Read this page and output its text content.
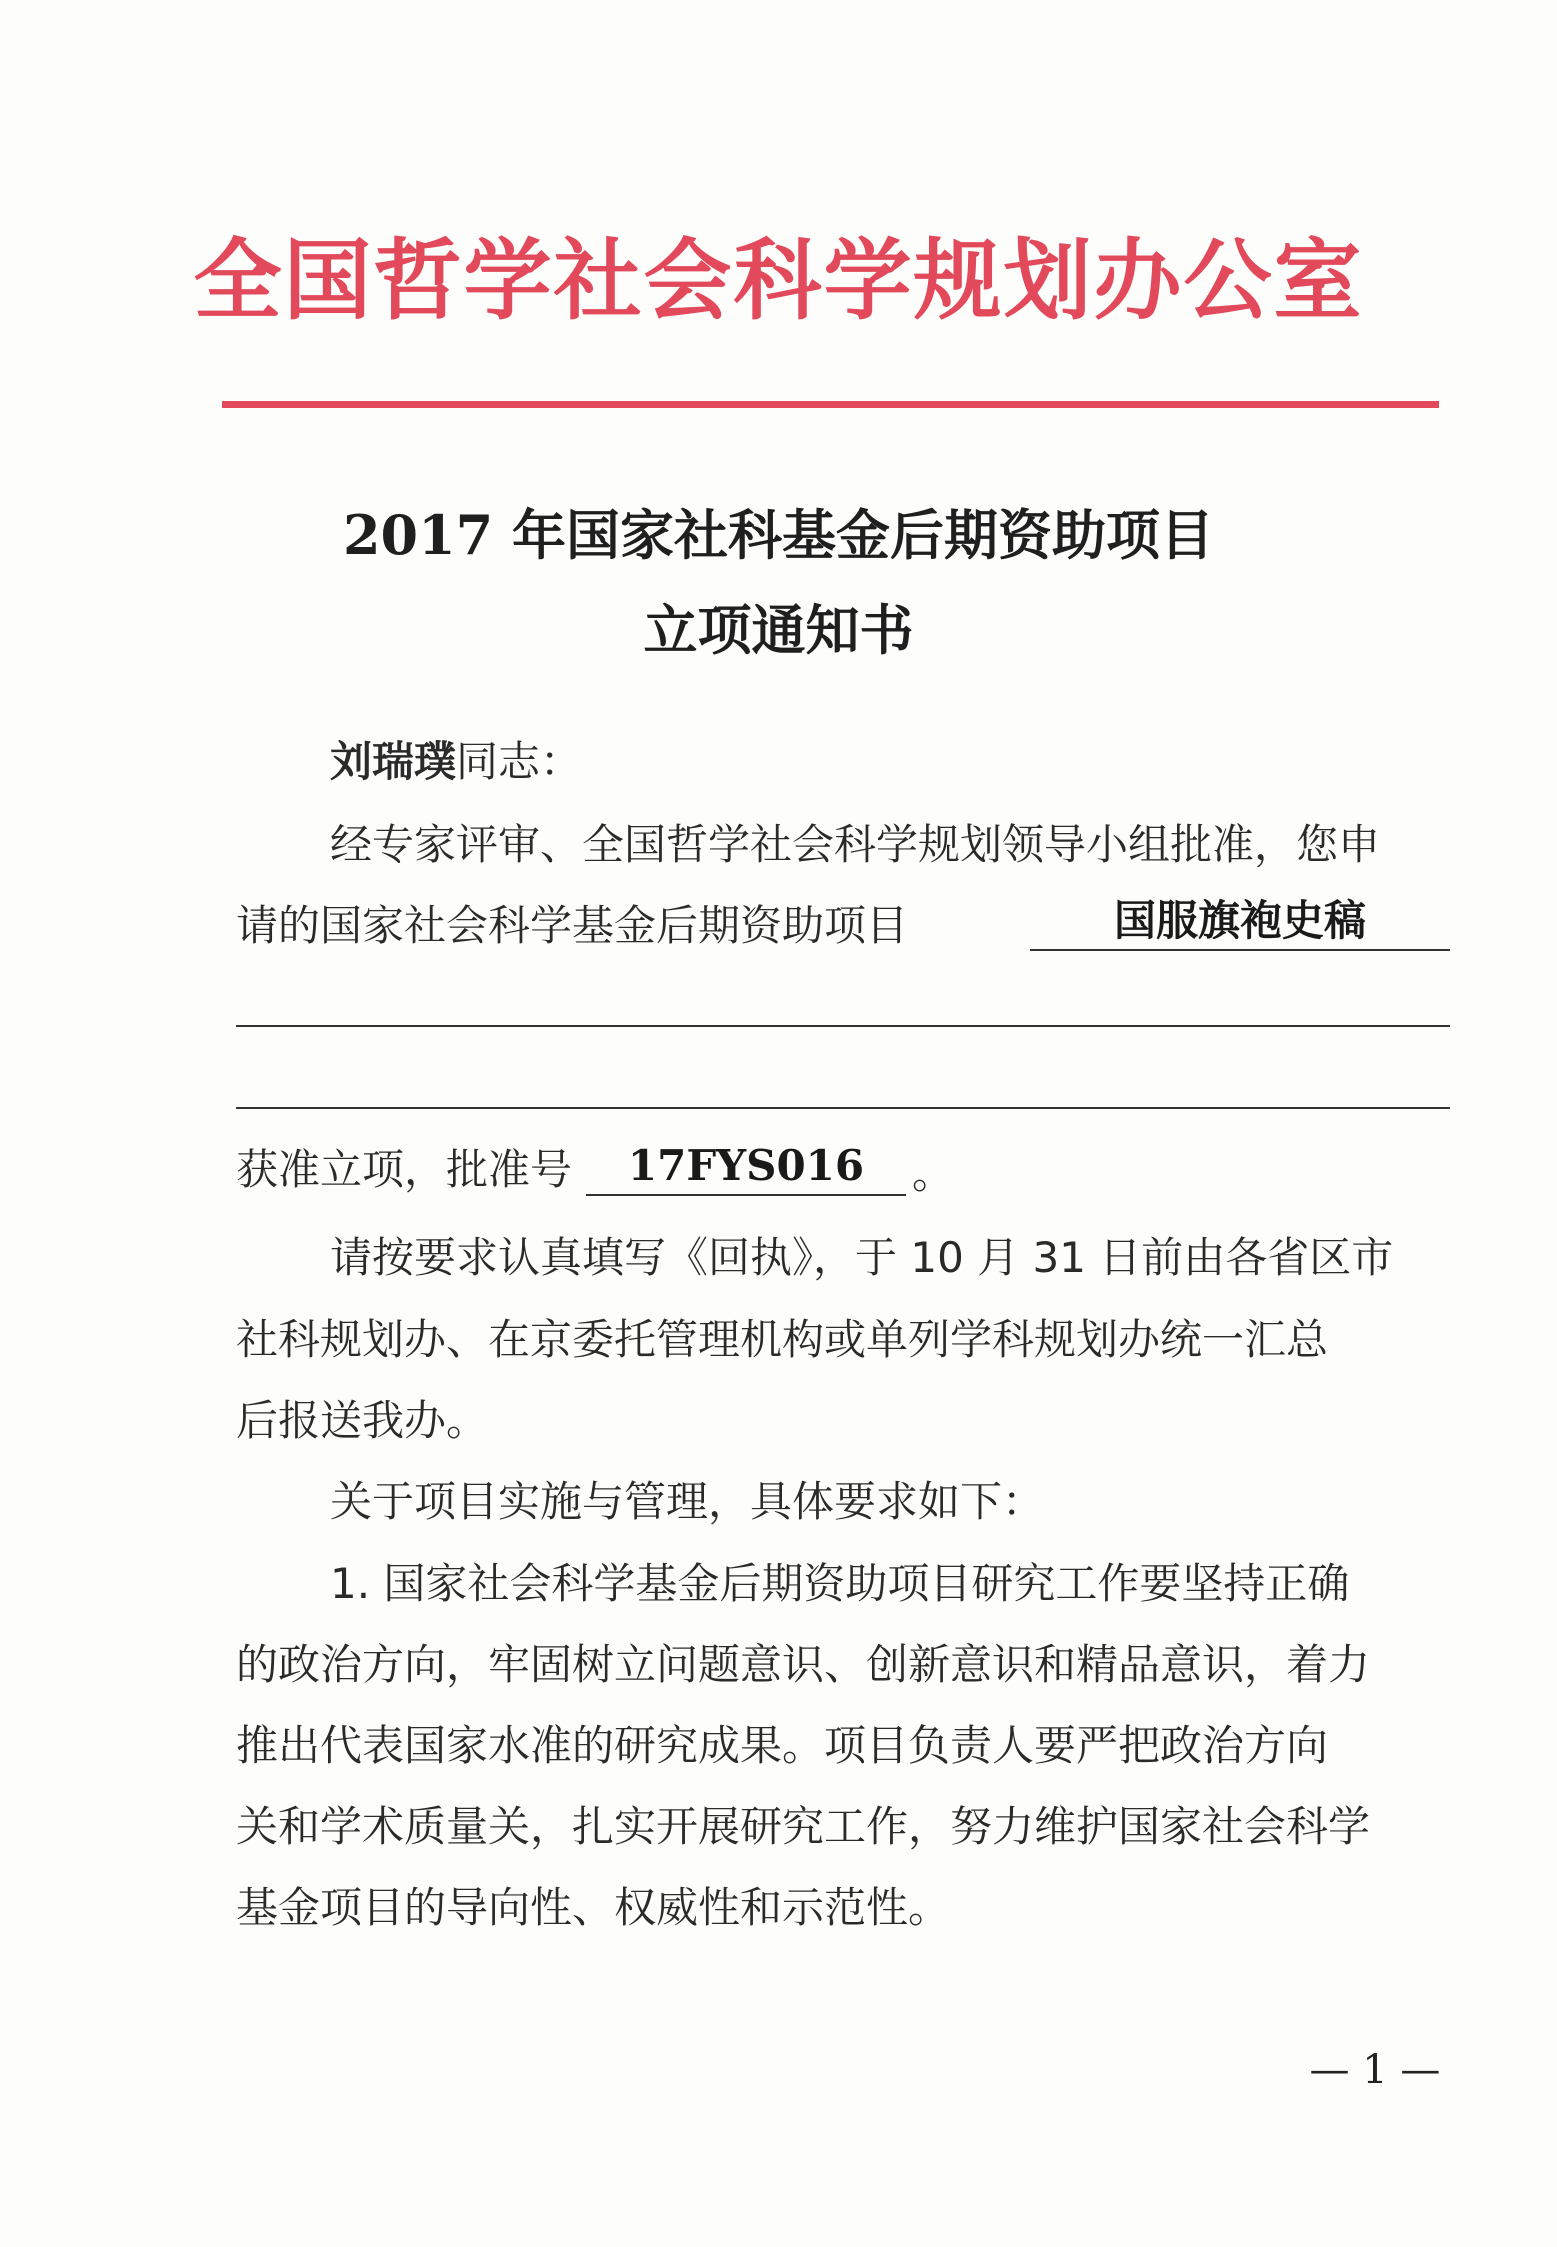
全国哲学社会科学规划办公室
2017 年国家社科基金后期资助项目
立项通知书
刘瑞璞同志：
经专家评审、全国哲学社会科学规划领导小组批准，您申
请的国家社会科学基金后期资助项目	国服旗袍史稿
获准立项，批准号	17FYS016	。
请按要求认真填写《回执》，于 10 月 31 日前由各省区市
社科规划办、在京委托管理机构或单列学科规划办统一汇总
后报送我办。
关于项目实施与管理，具体要求如下：
1. 国家社会科学基金后期资助项目研究工作要坚持正确
的政治方向，牢固树立问题意识、创新意识和精品意识，着力
推出代表国家水准的研究成果。项目负责人要严把政治方向
关和学术质量关，扎实开展研究工作，努力维护国家社会科学
基金项目的导向性、权威性和示范性。
— 1 —
